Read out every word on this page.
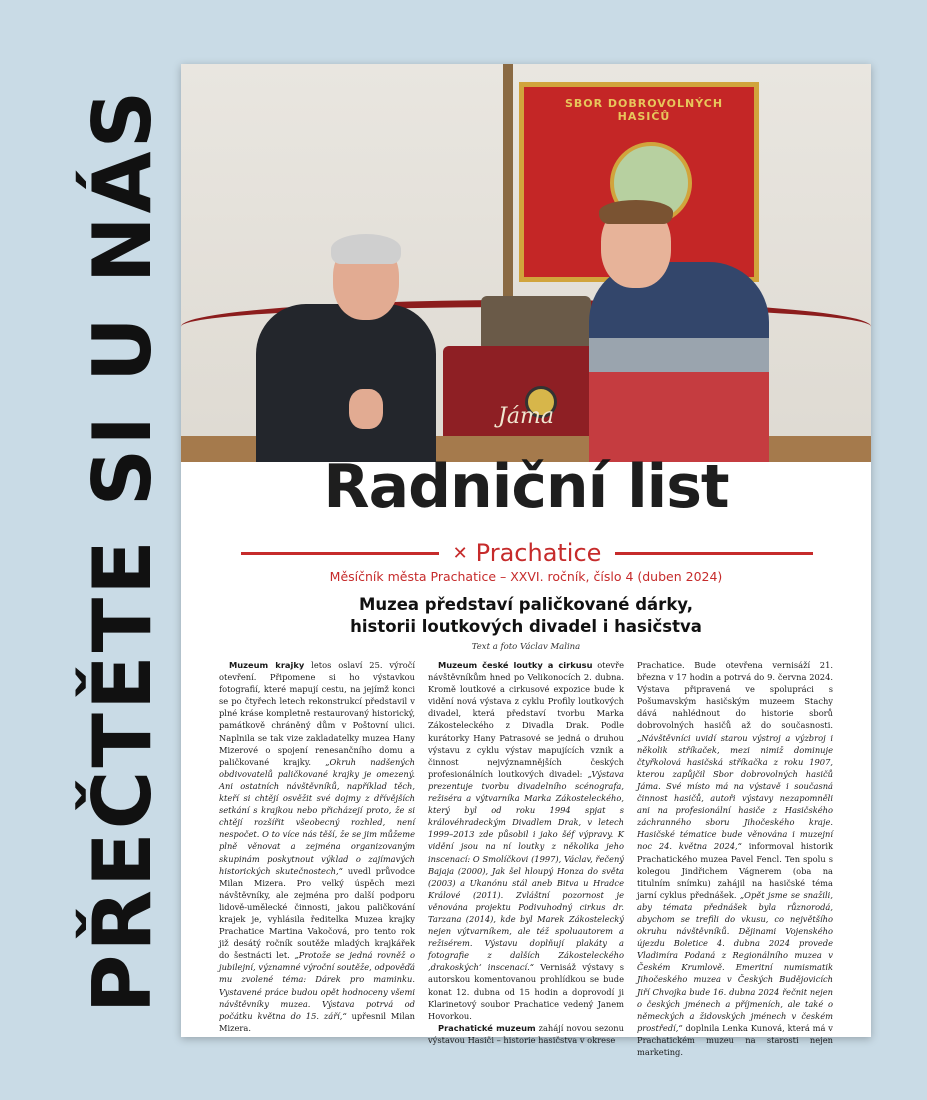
PŘEČTĚTE SI U NÁS	SBOR DOBROVOLNÝCH HASIČŮ
Jáma
Radniční list
✕ Prachatice
Měsíčník města Prachatice – XXVI. ročník, číslo 4 (duben 2024)
Muzea představí paličkované dárky,
historii loutkových divadel i hasičstva
Text a foto Václav Malina

Muzeum krajky letos oslaví 25. výročí otevření. Připomene si ho výstavkou fotografií, které mapují cestu, na jejímž konci se po čtyřech letech rekonstrukcí představil v plné kráse kompletně restaurovaný historický, památkově chráněný dům v Poštovní ulici. Naplnila se tak vize zakladatelky muzea Hany Mizerové o spojení renesančního domu a paličkované krajky. „Okruh nadšených obdivovatelů paličkované krajky je omezený. Ani ostatních návštěvníků, například těch, kteří si chtějí osvěžit své dojmy z dřívějších setkání s krajkou nebo přicházejí proto, že si chtějí rozšířit všeobecný rozhled, není nespočet. O to více nás těší, že se jim můžeme plně věnovat a zejména organizovaným skupinám poskytnout výklad o zajímavých historických skutečnostech,“ uvedl průvodce Milan Mizera. Pro velký úspěch mezi návštěvníky, ale zejména pro další podporu lidově-umělecké činnosti, jakou paličkování krajek je, vyhlásila ředitelka Muzea krajky Prachatice Martina Vakočová, pro tento rok již desátý ročník soutěže mladých krajkářek do šestnácti let. „Protože se jedná rovněž o jubilejní, významné výroční soutěže, odpověďá mu zvolené téma: Dárek pro maminku. Vystavené práce budou opět hodnoceny všemi návštěvníky muzea. Výstava potrvá od počátku května do 15. září,“ upřesnil Milan Mizera.

Muzeum české loutky a cirkusu otevře návštěvníkům hned po Velikonocích 2. dubna. Kromě loutkové a cirkusové expozice bude k vidění nová výstava z cyklu Profily loutkových divadel, která představí tvorbu Marka Zákosteleckého z Divadla Drak. Podle kurátorky Hany Patrasové se jedná o druhou výstavu z cyklu výstav mapujících vznik a činnost nejvýznamnějších českých profesionálních loutkových divadel: „Výstava prezentuje tvorbu divadelního scénografa, režiséra a výtvarníka Marka Zákosteleckého, který byl od roku 1994 spjat s královéhradeckým Divadlem Drak, v letech 1999–2013 zde působil i jako šéf výpravy. K vidění jsou na ní loutky z několika jeho inscenací: O Smolíčkovi (1997), Václav, řečený Bajaja (2000), Jak šel hloupý Honza do světa (2003) a Ukanónu stál aneb Bitva u Hradce Králové (2011). Zvláštní pozornost je věnována projektu Podivuhodný cirkus dr. Tarzana (2014), kde byl Marek Zákostelecký nejen výtvarníkem, ale též spoluautorem a režisérem. Výstavu doplňují plakáty a fotografie z dalších Zákosteleckého ‚drakoských‘ inscenací.“ Vernisáž výstavy s autorskou komentovanou prohlídkou se bude konat 12. dubna od 15 hodin a doprovodí ji Klarinetový soubor Prachatice vedený Janem Hovorkou.

Prachatické muzeum zahájí novou sezonu výstavou Hasiči – historie hasičstva v okrese

Prachatice. Bude otevřena vernisáží 21. března v 17 hodin a potrvá do 9. června 2024. Výstava připravená ve spolupráci s Pošumavským hasičským muzeem Stachy dává nahlédnout do historie sborů dobrovolných hasičů až do současnosti. „Návštěvníci uvidí starou výstroj a výzbroj i několik stříkaček, mezi nimiž dominuje čtyřkolová hasičská stříkačka z roku 1907, kterou zapůjčil Sbor dobrovolných hasičů Jáma. Své místo má na výstavě i současná činnost hasičů, autoři výstavy nezapomněli ani na profesionální hasiče z Hasičského záchranného sboru Jihočeského kraje. Hasičské tématice bude věnována i muzejní noc 24. května 2024,“ informoval historik Prachatického muzea Pavel Fencl. Ten spolu s kolegou Jindřichem Vágnerem (oba na titulním snímku) zahájil na hasičské téma jarní cyklus přednášek. „Opět jsme se snažili, aby témata přednášek byla různorodá, abychom se trefili do vkusu, co největšího okruhu návštěvníků. Dějinami Vojenského újezdu Boletice 4. dubna 2024 provede Vladimíra Podaná z Regionálního muzea v Českém Krumlově. Emeritní numismatik Jihočeského muzea v Českých Budějovicích Jiří Chvojka bude 16. dubna 2024 řečnit nejen o českých jménech a příjmeních, ale také o německých a židovských jménech v českém prostředí,“ doplnila Lenka Kunová, která má v Prachatickém muzeu na starosti nejen marketing.
